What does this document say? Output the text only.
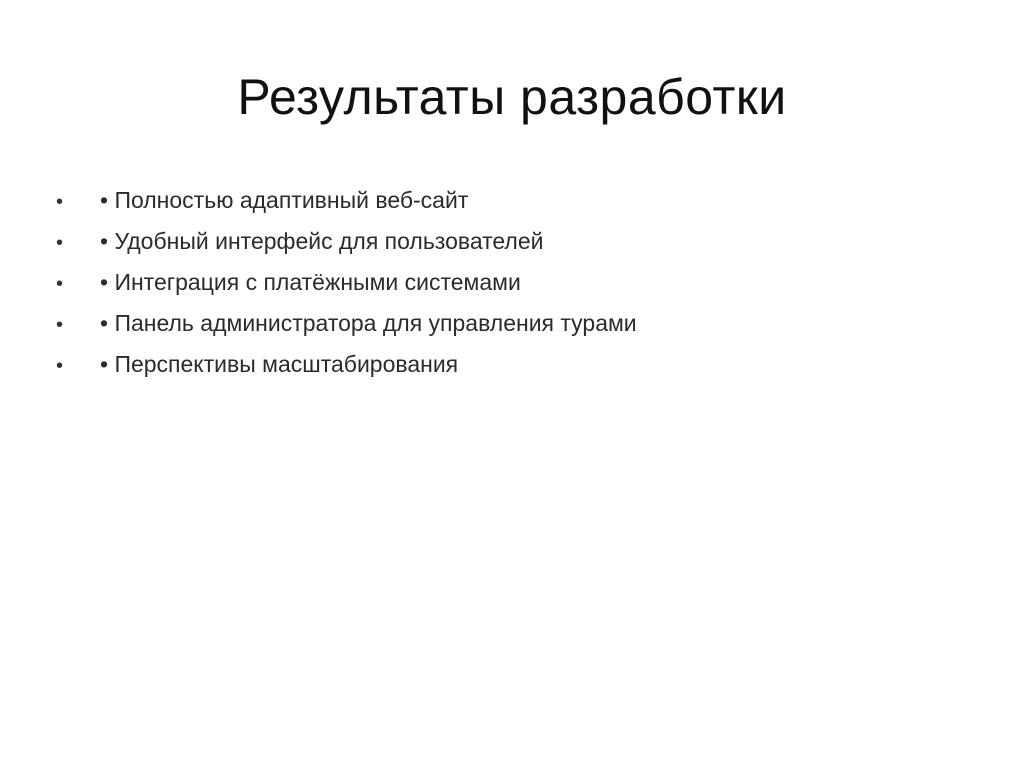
Результаты разработки
•	• Полностью адаптивный веб-сайт
•	• Удобный интерфейс для пользователей
•	• Интеграция с платёжными системами
•	• Панель администратора для управления турами
•	• Перспективы масштабирования
